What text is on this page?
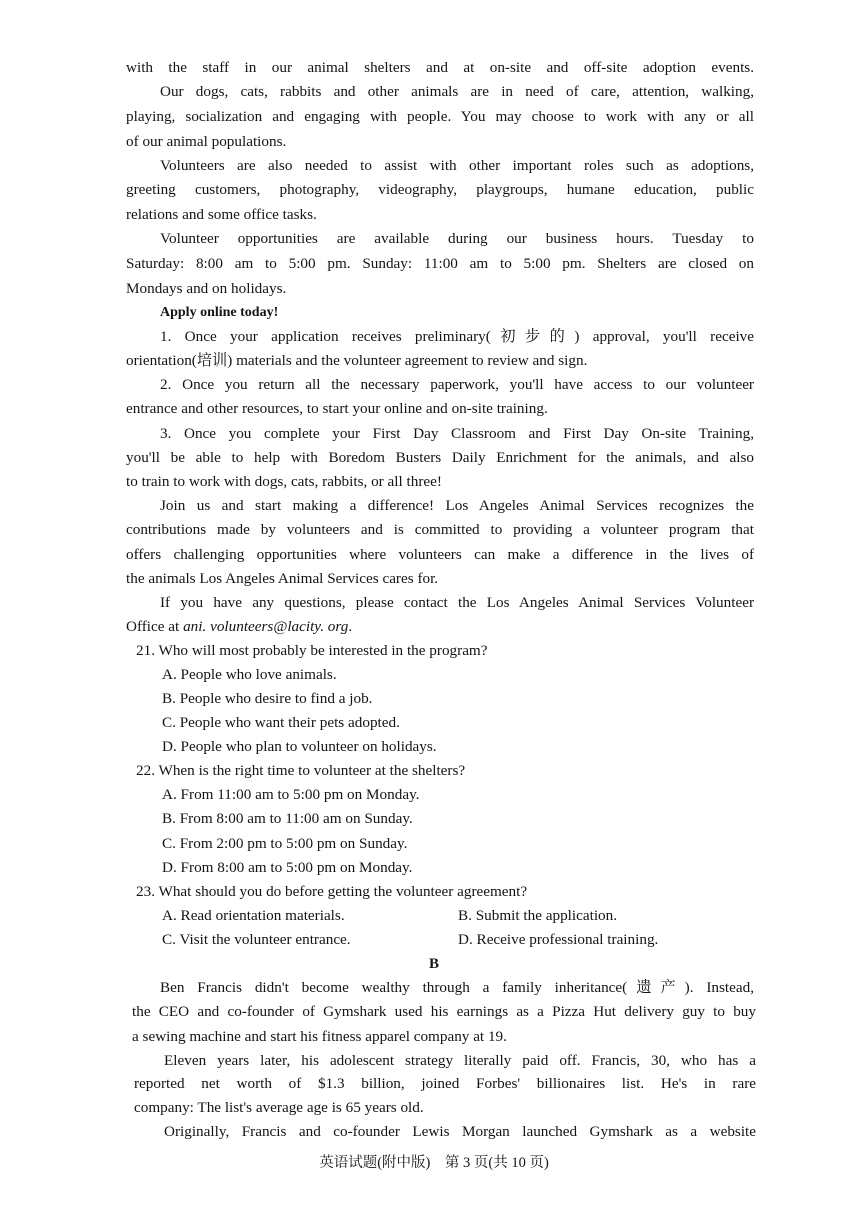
with the staff in our animal shelters and at on-site and off-site adoption events.
Our dogs, cats, rabbits and other animals are in need of care, attention, walking,
playing, socialization and engaging with people. You may choose to work with any or all
of our animal populations.
Volunteers are also needed to assist with other important roles such as adoptions,
greeting customers, photography, videography, playgroups, humane education, public
relations and some office tasks.
Volunteer opportunities are available during our business hours. Tuesday to
Saturday: 8:00 am to 5:00 pm. Sunday: 11:00 am to 5:00 pm. Shelters are closed on
Mondays and on holidays.
Apply online today!
1. Once your application receives preliminary(初步的) approval, you'll receive
orientation(培训) materials and the volunteer agreement to review and sign.
2. Once you return all the necessary paperwork, you'll have access to our volunteer
entrance and other resources, to start your online and on-site training.
3. Once you complete your First Day Classroom and First Day On-site Training,
you'll be able to help with Boredom Busters Daily Enrichment for the animals, and also
to train to work with dogs, cats, rabbits, or all three!
Join us and start making a difference! Los Angeles Animal Services recognizes the
contributions made by volunteers and is committed to providing a volunteer program that
offers challenging opportunities where volunteers can make a difference in the lives of
the animals Los Angeles Animal Services cares for.
If you have any questions, please contact the Los Angeles Animal Services Volunteer
Office at ani. volunteers@lacity. org.
21. Who will most probably be interested in the program?
A. People who love animals.
B. People who desire to find a job.
C. People who want their pets adopted.
D. People who plan to volunteer on holidays.
22. When is the right time to volunteer at the shelters?
A. From 11:00 am to 5:00 pm on Monday.
B. From 8:00 am to 11:00 am on Sunday.
C. From 2:00 pm to 5:00 pm on Sunday.
D. From 8:00 am to 5:00 pm on Monday.
23. What should you do before getting the volunteer agreement?
A. Read orientation materials.	B. Submit the application.
C. Visit the volunteer entrance.	D. Receive professional training.
B
Ben Francis didn't become wealthy through a family inheritance(遗产). Instead,
the CEO and co-founder of Gymshark used his earnings as a Pizza Hut delivery guy to buy
a sewing machine and start his fitness apparel company at 19.
Eleven years later, his adolescent strategy literally paid off. Francis, 30, who has a
reported net worth of $1.3 billion, joined Forbes' billionaires list. He's in rare
company: The list's average age is 65 years old.
Originally, Francis and co-founder Lewis Morgan launched Gymshark as a website
英语试题(附中版)　第 3 页(共 10 页)
